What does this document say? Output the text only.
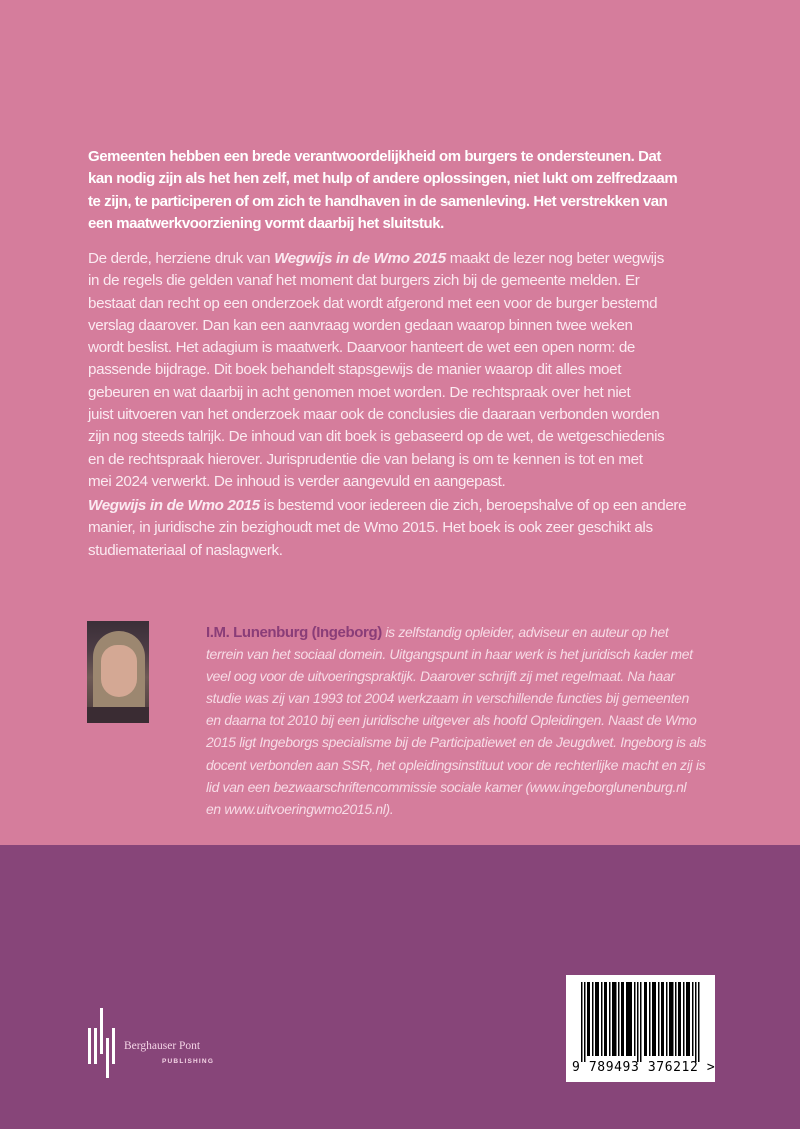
Gemeenten hebben een brede verantwoordelijkheid om burgers te ondersteunen. Dat
kan nodig zijn als het hen zelf, met hulp of andere oplossingen, niet lukt om zelfredzaam
te zijn, te participeren of om zich te handhaven in de samenleving. Het verstrekken van
een maatwerkvoorziening vormt daarbij het sluitstuk.
De derde, herziene druk van Wegwijs in de Wmo 2015 maakt de lezer nog beter wegwijs
in de regels die gelden vanaf het moment dat burgers zich bij de gemeente melden. Er
bestaat dan recht op een onderzoek dat wordt afgerond met een voor de burger bestemd
verslag daarover. Dan kan een aanvraag worden gedaan waarop binnen twee weken
wordt beslist. Het adagium is maatwerk. Daarvoor hanteert de wet een open norm: de
passende bijdrage. Dit boek behandelt stapsgewijs de manier waarop dit alles moet
gebeuren en wat daarbij in acht genomen moet worden. De rechtspraak over het niet
juist uitvoeren van het onderzoek maar ook de conclusies die daaraan verbonden worden
zijn nog steeds talrijk. De inhoud van dit boek is gebaseerd op de wet, de wetgeschiedenis
en de rechtspraak hierover. Jurisprudentie die van belang is om te kennen is tot en met
mei 2024 verwerkt. De inhoud is verder aangevuld en aangepast.
Wegwijs in de Wmo 2015 is bestemd voor iedereen die zich, beroepshalve of op een andere
manier, in juridische zin bezighoudt met de Wmo 2015. Het boek is ook zeer geschikt als
studiemateriaal of naslagwerk.
I.M. Lunenburg (Ingeborg) is zelfstandig opleider, adviseur en auteur op het
terrein van het sociaal domein. Uitgangspunt in haar werk is het juridisch kader met
veel oog voor de uitvoeringspraktijk. Daarover schrijft zij met regelmaat. Na haar
studie was zij van 1993 tot 2004 werkzaam in verschillende functies bij gemeenten
en daarna tot 2010 bij een juridische uitgever als hoofd Opleidingen. Naast de Wmo
2015 ligt Ingeborgs specialisme bij de Participatiewet en de Jeugdwet. Ingeborg is als
docent verbonden aan SSR, het opleidingsinstituut voor de rechterlijke macht en zij is
lid van een bezwaarschriftencommissie sociale kamer (www.ingeborglunenburg.nl
en www.uitvoeringwmo2015.nl).
Berghauser Pont
PUBLISHING	9 789493 376212 >
